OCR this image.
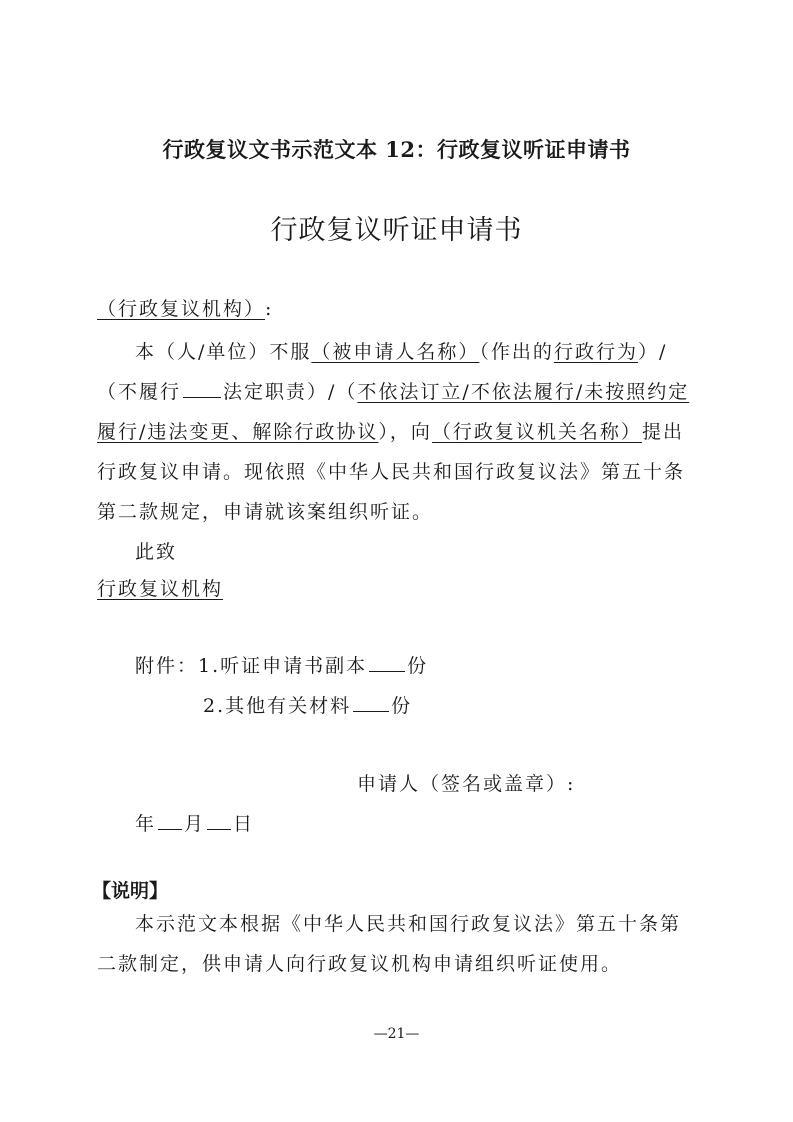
行政复议文书示范文本 12：行政复议听证申请书
行政复议听证申请书
（行政复议机构）:
本（人/单位）不服（被申请人名称）（作出的行政行为）/
（不履行 法定职责）/（不依法订立/不依法履行/未按照约定
履行/违法变更、解除行政协议），向（行政复议机关名称）提出
行政复议申请。现依照《中华人民共和国行政复议法》第五十条
第二款规定，申请就该案组织听证。
此致
行政复议机构
附件：1.听证申请书副本 份
2.其他有关材料 份
申请人（签名或盖章）:
年 月 日
【说明】
本示范文本根据《中华人民共和国行政复议法》第五十条第
二款制定，供申请人向行政复议机构申请组织听证使用。
—21—
